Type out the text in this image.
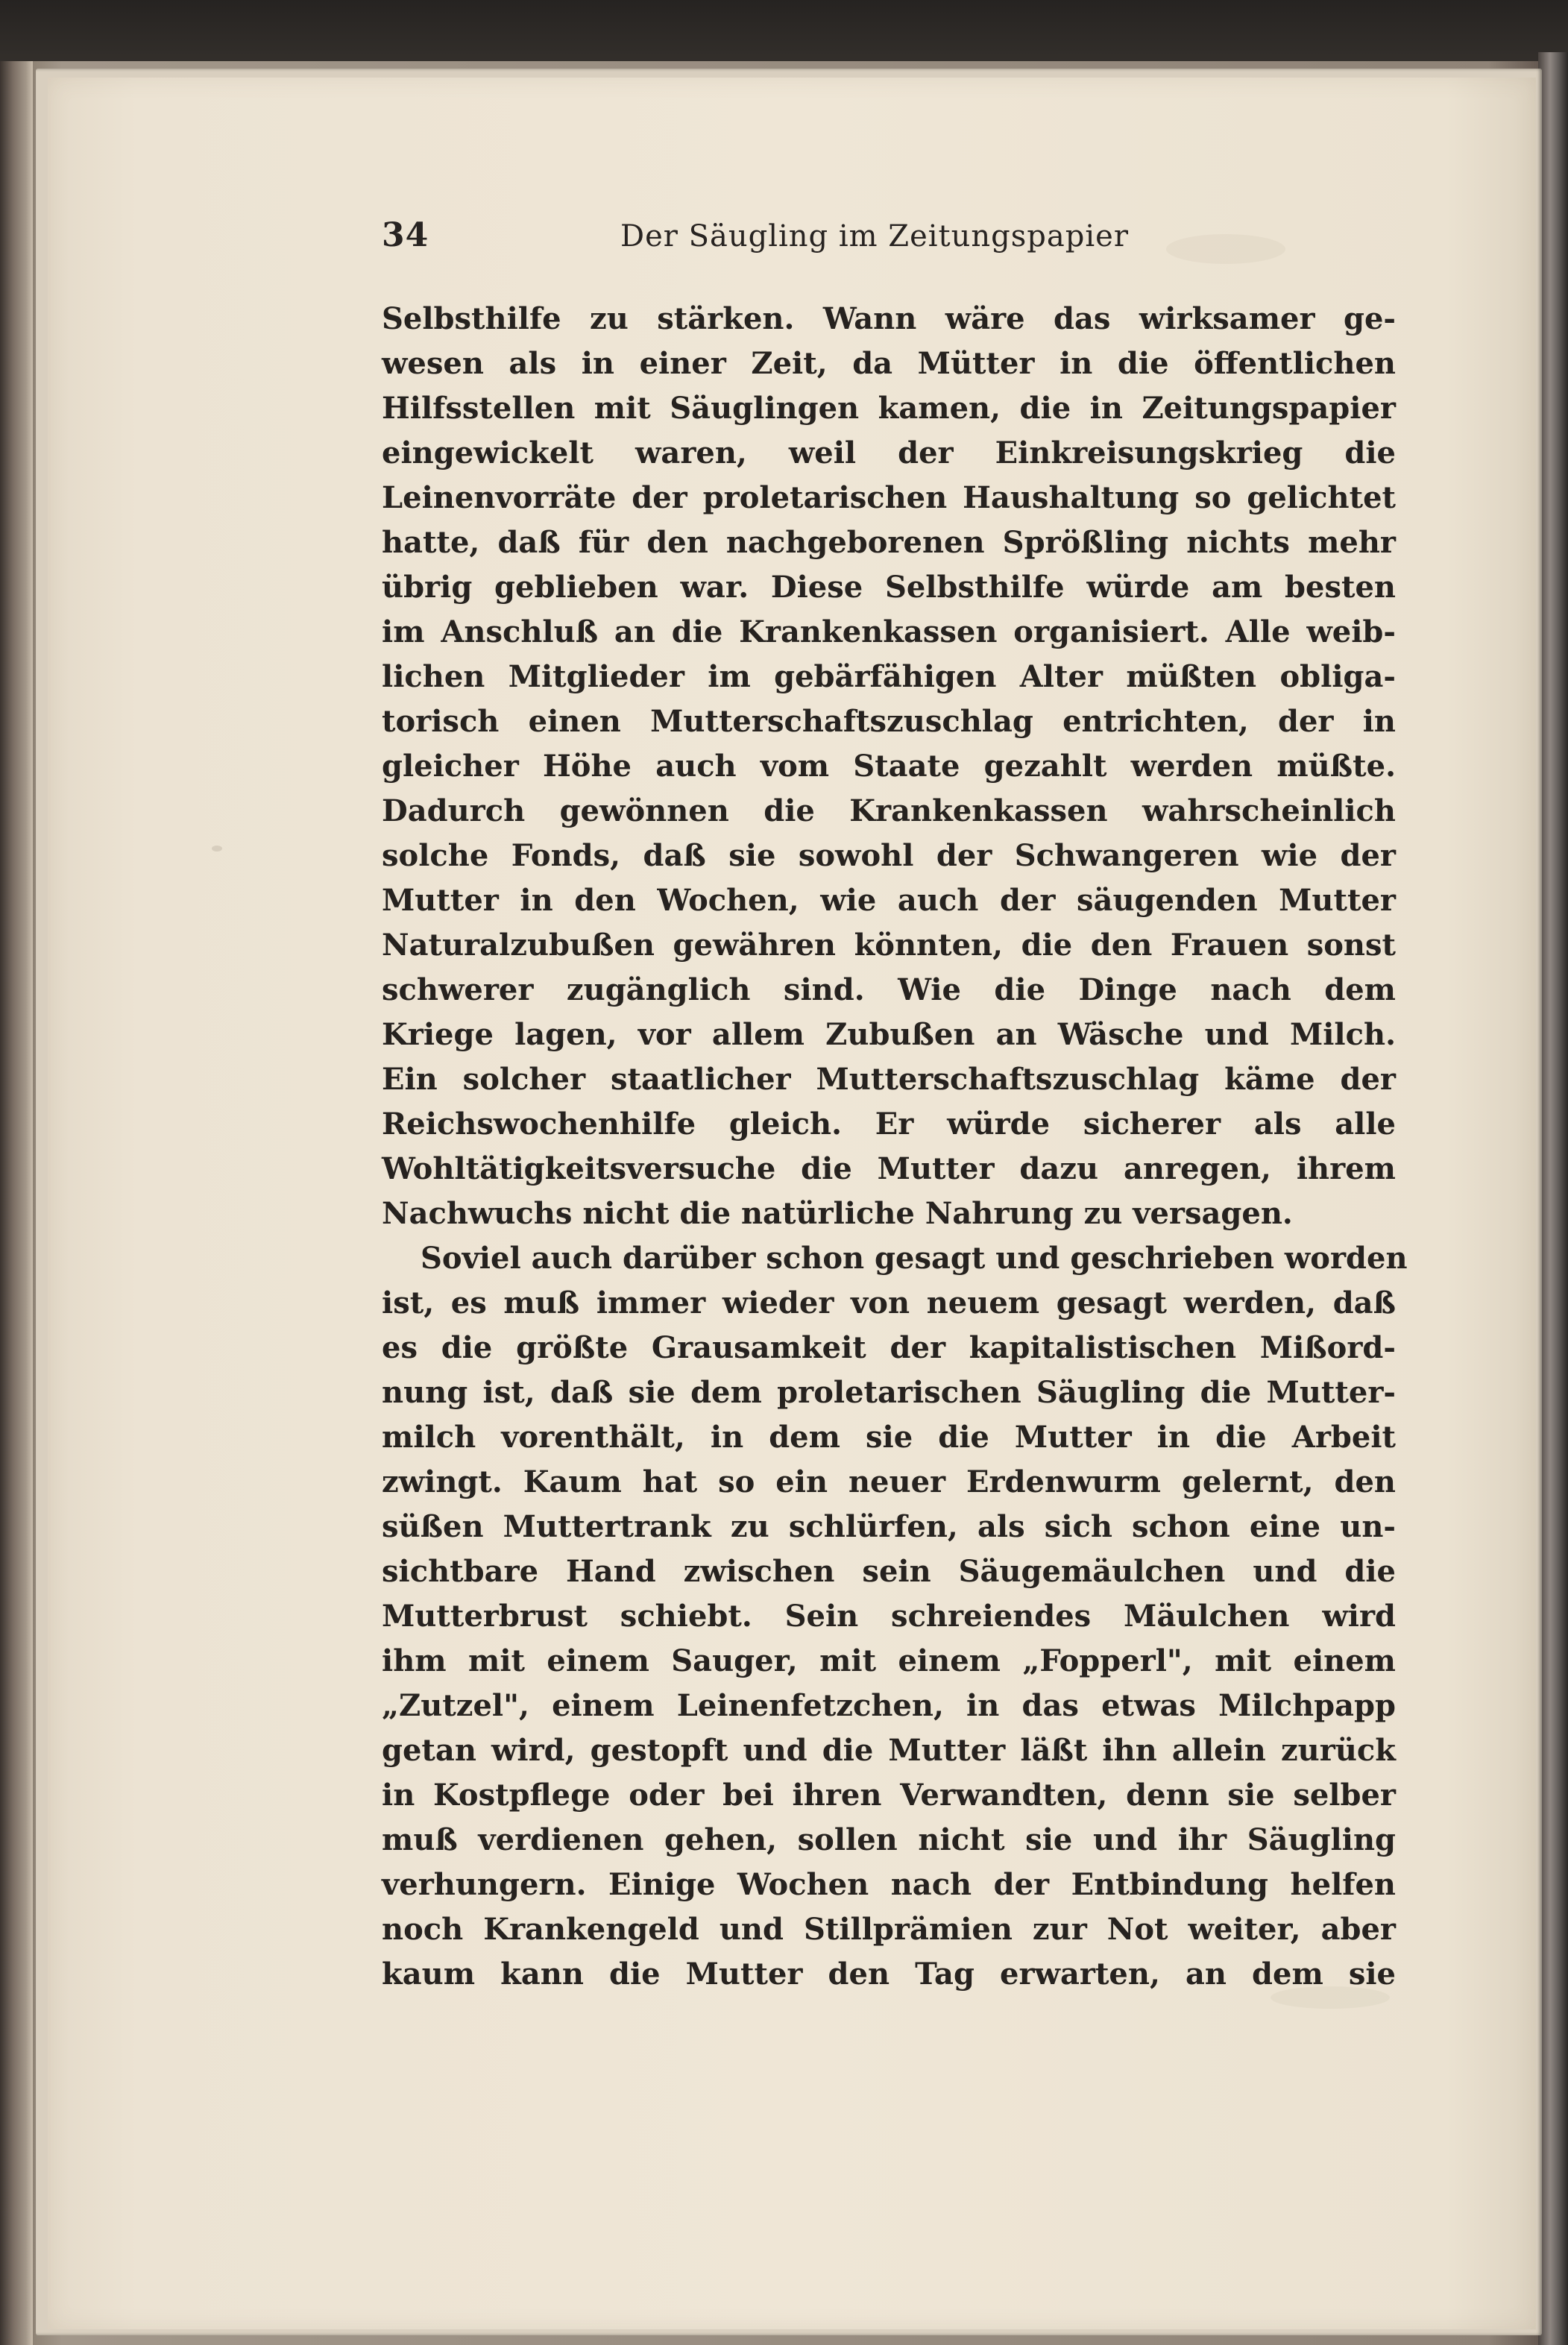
34	Der Säugling im Zeitungspapier
Selbsthilfe zu stärken. Wann wäre das wirksamer ge-
wesen als in einer Zeit, da Mütter in die öffentlichen
Hilfsstellen mit Säuglingen kamen, die in Zeitungspapier
eingewickelt waren, weil der Einkreisungskrieg die
Leinenvorräte der proletarischen Haushaltung so gelichtet
hatte, daß für den nachgeborenen Sprößling nichts mehr
übrig geblieben war. Diese Selbsthilfe würde am besten
im Anschluß an die Krankenkassen organisiert. Alle weib-
lichen Mitglieder im gebärfähigen Alter müßten obliga-
torisch einen Mutterschaftszuschlag entrichten, der in
gleicher Höhe auch vom Staate gezahlt werden müßte.
Dadurch gewönnen die Krankenkassen wahrscheinlich
solche Fonds, daß sie sowohl der Schwangeren wie der
Mutter in den Wochen, wie auch der säugenden Mutter
Naturalzubußen gewähren könnten, die den Frauen sonst
schwerer zugänglich sind. Wie die Dinge nach dem
Kriege lagen, vor allem Zubußen an Wäsche und Milch.
Ein solcher staatlicher Mutterschaftszuschlag käme der
Reichswochenhilfe gleich. Er würde sicherer als alle
Wohltätigkeitsversuche die Mutter dazu anregen, ihrem
Nachwuchs nicht die natürliche Nahrung zu versagen.
Soviel auch darüber schon gesagt und geschrieben worden
ist, es muß immer wieder von neuem gesagt werden, daß
es die größte Grausamkeit der kapitalistischen Mißord-
nung ist, daß sie dem proletarischen Säugling die Mutter-
milch vorenthält, in dem sie die Mutter in die Arbeit
zwingt. Kaum hat so ein neuer Erdenwurm gelernt, den
süßen Muttertrank zu schlürfen, als sich schon eine un-
sichtbare Hand zwischen sein Säugemäulchen und die
Mutterbrust schiebt. Sein schreiendes Mäulchen wird
ihm mit einem Sauger, mit einem „Fopperl", mit einem
„Zutzel", einem Leinenfetzchen, in das etwas Milchpapp
getan wird, gestopft und die Mutter läßt ihn allein zurück
in Kostpflege oder bei ihren Verwandten, denn sie selber
muß verdienen gehen, sollen nicht sie und ihr Säugling
verhungern. Einige Wochen nach der Entbindung helfen
noch Krankengeld und Stillprämien zur Not weiter, aber
kaum kann die Mutter den Tag erwarten, an dem sie
